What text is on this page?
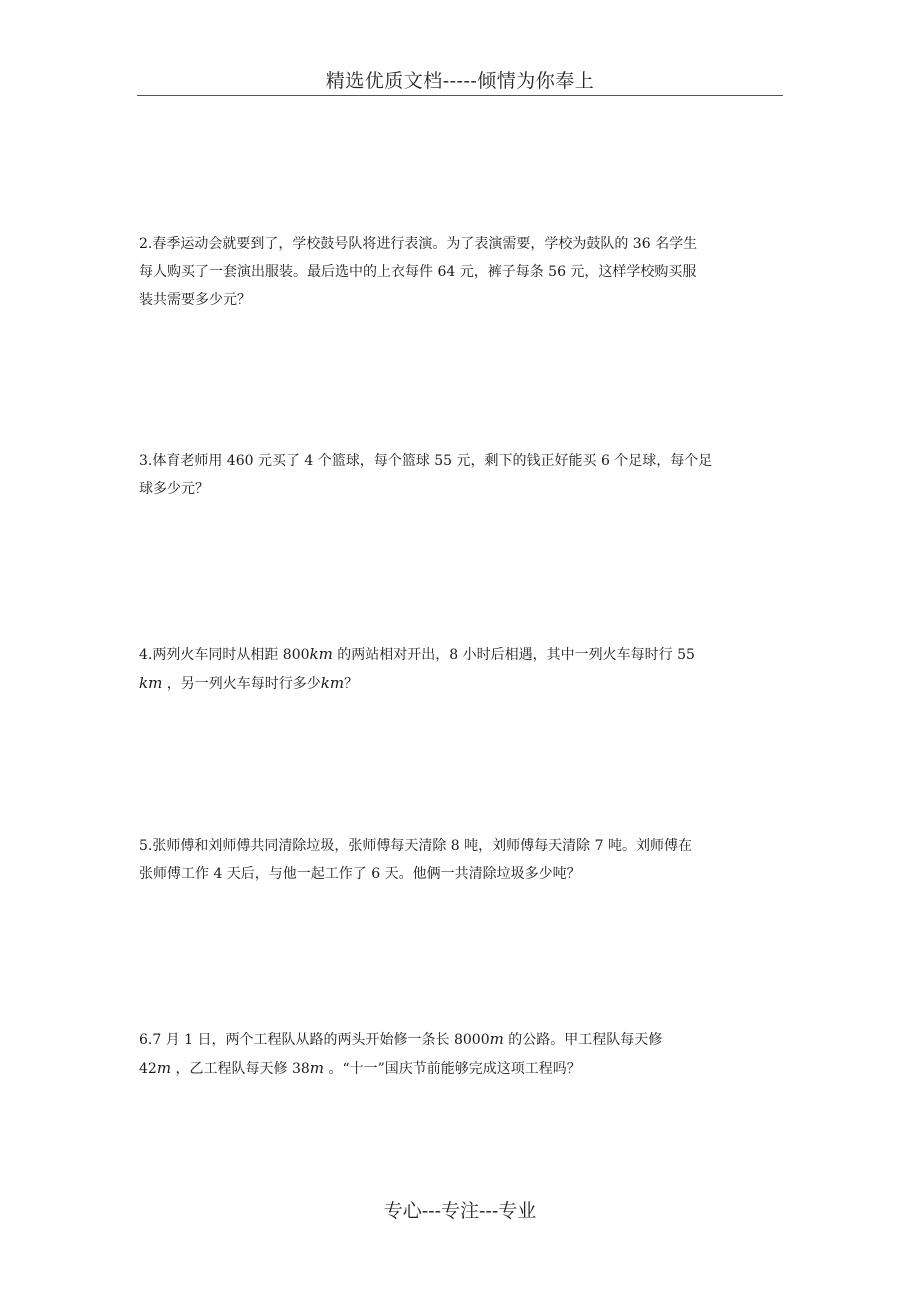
精选优质文档-----倾情为你奉上

2.春季运动会就要到了，学校鼓号队将进行表演。为了表演需要，学校为鼓队的 36 名学生

每人购买了一套演出服装。最后选中的上衣每件 64 元，裤子每条 56 元，这样学校购买服

装共需要多少元？

3.体育老师用 460 元买了 4 个篮球，每个篮球 55 元，剩下的钱正好能买 6 个足球，每个足

球多少元？

4.两列火车同时从相距 800km 的两站相对开出，8 小时后相遇，其中一列火车每时行 55

km ，另一列火车每时行多少km？

5.张师傅和刘师傅共同清除垃圾，张师傅每天清除 8 吨，刘师傅每天清除 7 吨。刘师傅在

张师傅工作 4 天后，与他一起工作了 6 天。他俩一共清除垃圾多少吨？

6.7 月 1 日，两个工程队从路的两头开始修一条长 8000m 的公路。甲工程队每天修

42m ，乙工程队每天修 38m 。“十一”国庆节前能够完成这项工程吗？

专心---专注---专业
